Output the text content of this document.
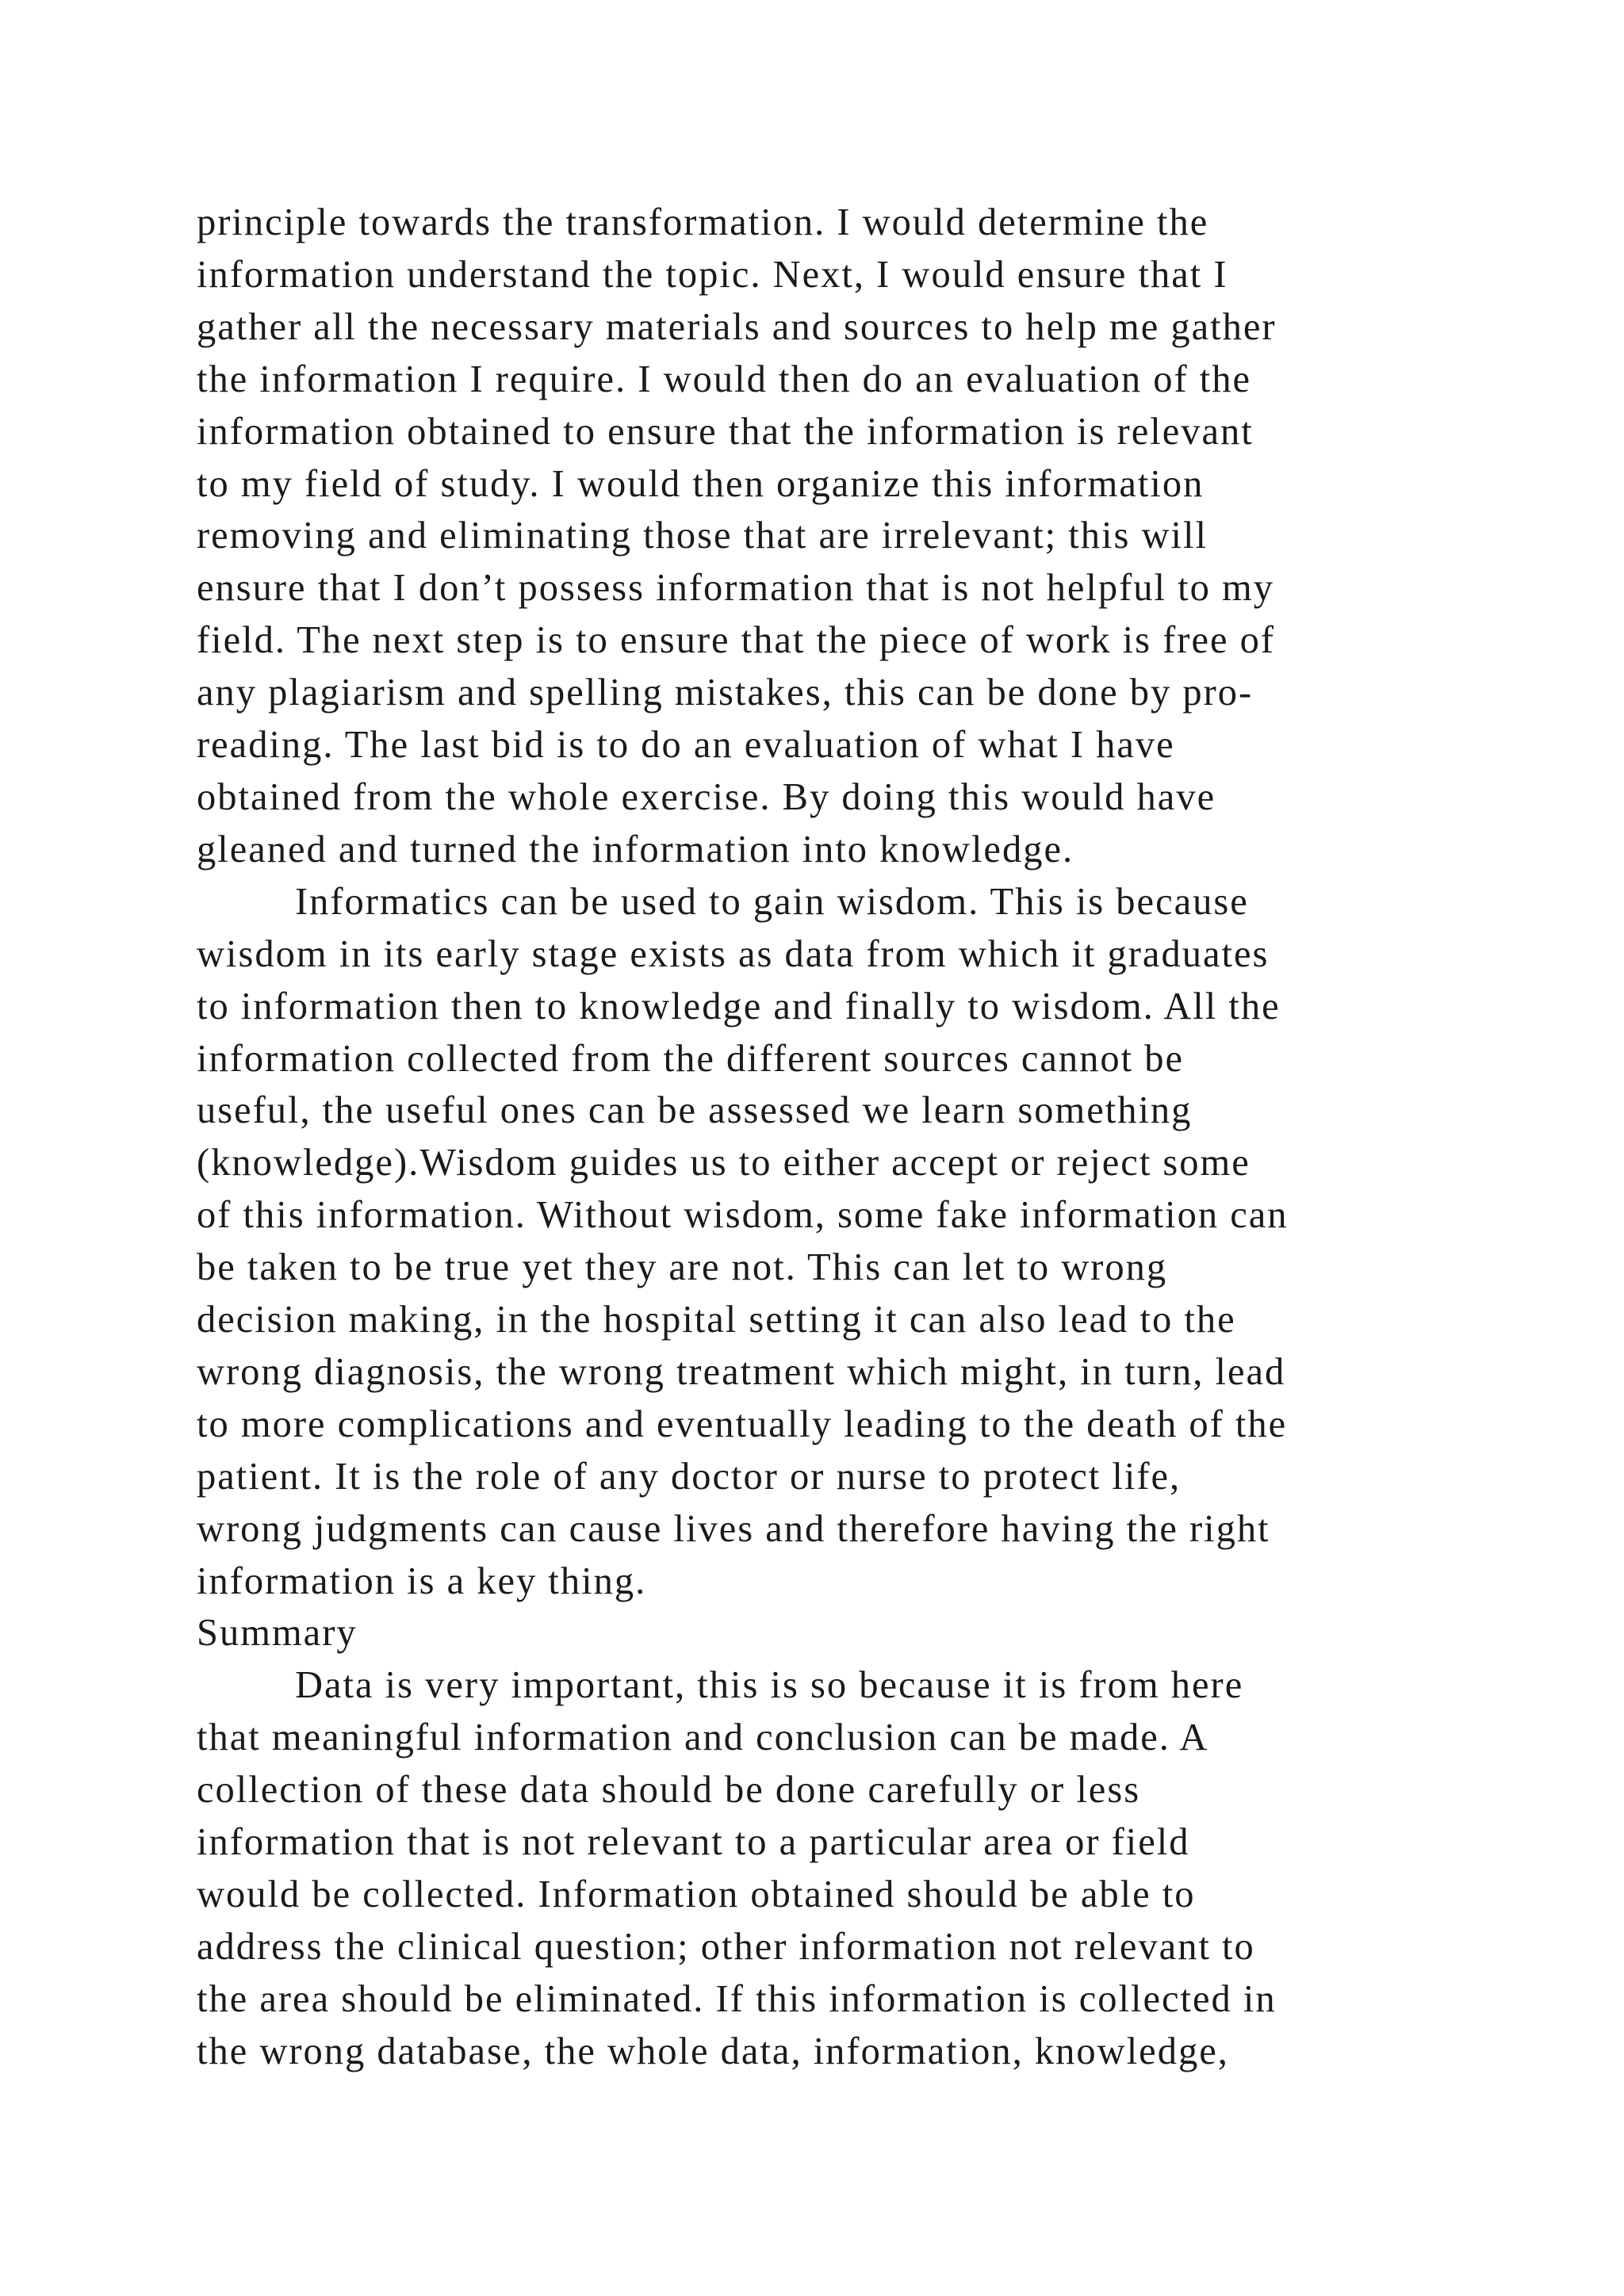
principle towards the transformation. I would determine the
information understand the topic. Next, I would ensure that I
gather all the necessary materials and sources to help me gather
the information I require. I would then do an evaluation of the
information obtained to ensure that the information is relevant
to my field of study. I would then organize this information
removing and eliminating those that are irrelevant; this will
ensure that I don’t possess information that is not helpful to my
field. The next step is to ensure that the piece of work is free of
any plagiarism and spelling mistakes, this can be done by pro-
reading. The last bid is to do an evaluation of what I have
obtained from the whole exercise. By doing this would have
gleaned and turned the information into knowledge.
Informatics can be used to gain wisdom. This is because
wisdom in its early stage exists as data from which it graduates
to information then to knowledge and finally to wisdom. All the
information collected from the different sources cannot be
useful, the useful ones can be assessed we learn something
(knowledge).Wisdom guides us to either accept or reject some
of this information. Without wisdom, some fake information can
be taken to be true yet they are not. This can let to wrong
decision making, in the hospital setting it can also lead to the
wrong diagnosis, the wrong treatment which might, in turn, lead
to more complications and eventually leading to the death of the
patient. It is the role of any doctor or nurse to protect life,
wrong judgments can cause lives and therefore having the right
information is a key thing.
Summary
Data is very important, this is so because it is from here
that meaningful information and conclusion can be made. A
collection of these data should be done carefully or less
information that is not relevant to a particular area or field
would be collected. Information obtained should be able to
address the clinical question; other information not relevant to
the area should be eliminated. If this information is collected in
the wrong database, the whole data, information, knowledge,
